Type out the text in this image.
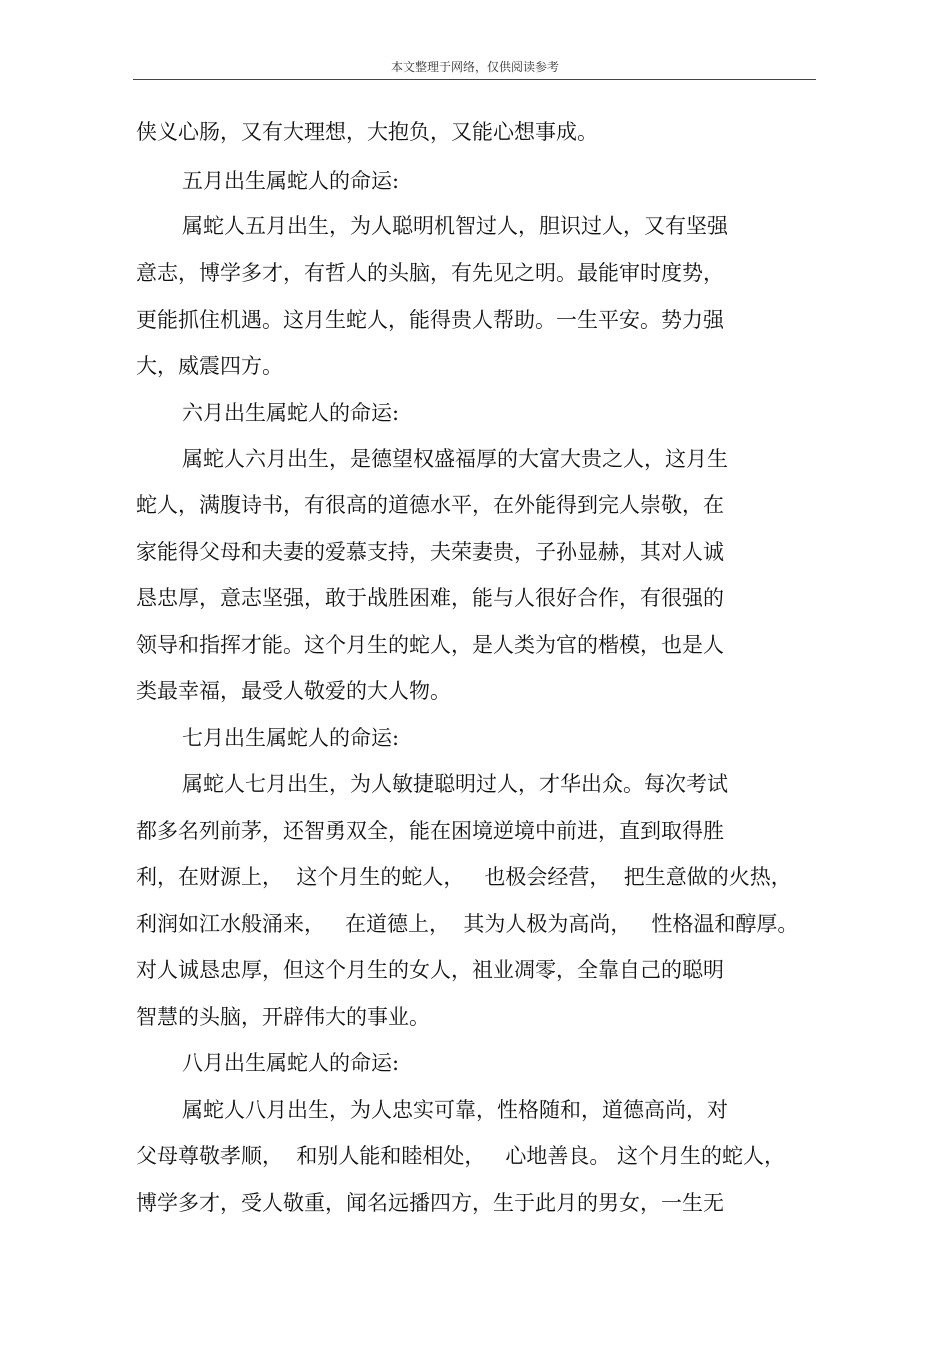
本文整理于网络，仅供阅读参考
侠义心肠，又有大理想，大抱负，又能心想事成。
五月出生属蛇人的命运:
属蛇人五月出生，为人聪明机智过人，胆识过人，又有坚强
意志，博学多才，有哲人的头脑，有先见之明。最能审时度势，
更能抓住机遇。这月生蛇人，能得贵人帮助。一生平安。势力强
大，威震四方。
六月出生属蛇人的命运:
属蛇人六月出生，是德望权盛福厚的大富大贵之人，这月生
蛇人，满腹诗书，有很高的道德水平，在外能得到完人崇敬，在
家能得父母和夫妻的爱慕支持，夫荣妻贵，子孙显赫，其对人诚
恳忠厚，意志坚强，敢于战胜困难，能与人很好合作，有很强的
领导和指挥才能。这个月生的蛇人，是人类为官的楷模，也是人
类最幸福，最受人敬爱的大人物。
七月出生属蛇人的命运:
属蛇人七月出生，为人敏捷聪明过人，才华出众。每次考试
都多名列前茅，还智勇双全，能在困境逆境中前进，直到取得胜
利，在财源上，  这个月生的蛇人，   也极会经营，  把生意做的火热，
利润如江水般涌来，   在道德上，  其为人极为高尚，   性格温和醇厚。
对人诚恳忠厚，但这个月生的女人，祖业凋零，全靠自己的聪明
智慧的头脑，开辟伟大的事业。
八月出生属蛇人的命运:
属蛇人八月出生，为人忠实可靠，性格随和，道德高尚，对
父母尊敬孝顺，  和别人能和睦相处，   心地善良。 这个月生的蛇人，
博学多才，受人敬重，闻名远播四方，生于此月的男女，一生无
